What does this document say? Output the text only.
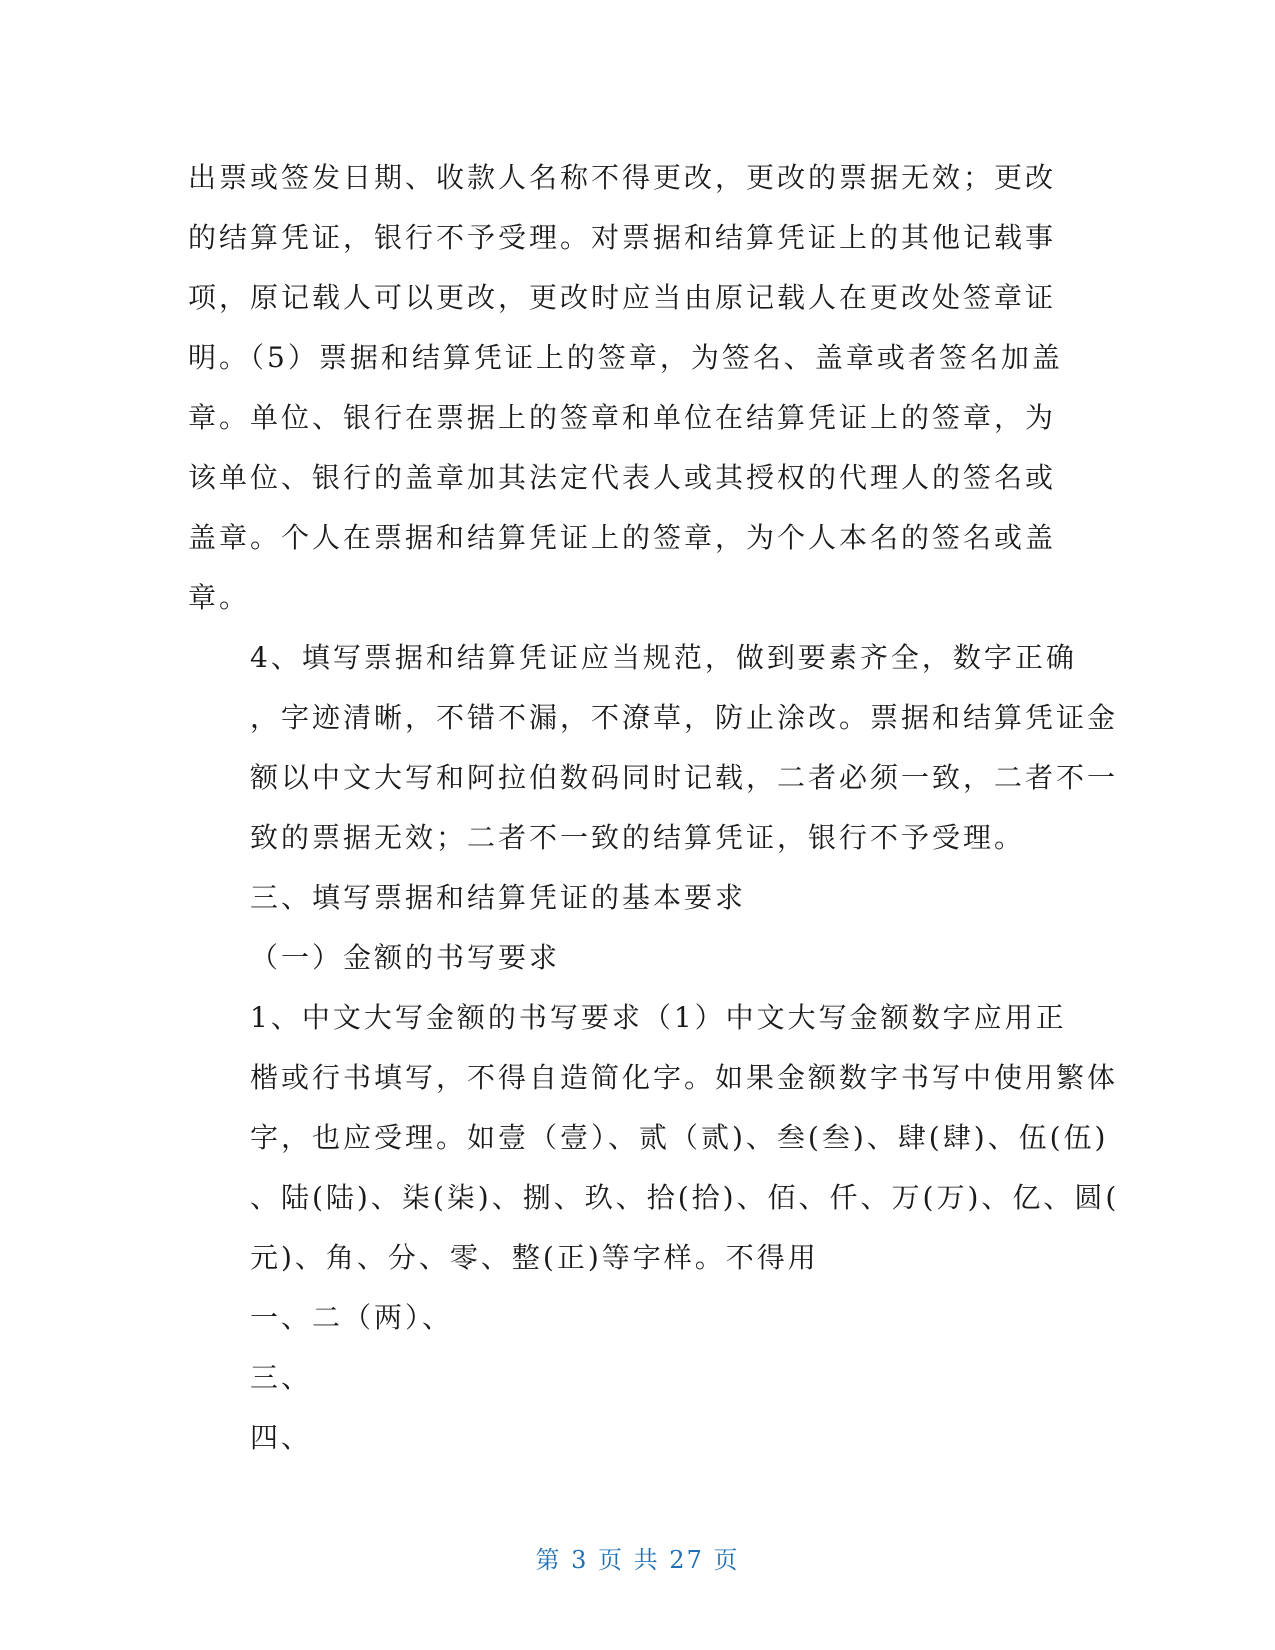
出票或签发日期、收款人名称不得更改，更改的票据无效；更改
的结算凭证，银行不予受理。对票据和结算凭证上的其他记载事
项，原记载人可以更改，更改时应当由原记载人在更改处签章证
明。（5）票据和结算凭证上的签章，为签名、盖章或者签名加盖
章。单位、银行在票据上的签章和单位在结算凭证上的签章，为
该单位、银行的盖章加其法定代表人或其授权的代理人的签名或
盖章。个人在票据和结算凭证上的签章，为个人本名的签名或盖
章。
4、填写票据和结算凭证应当规范，做到要素齐全，数字正确
，字迹清晰，不错不漏，不潦草，防止涂改。票据和结算凭证金
额以中文大写和阿拉伯数码同时记载，二者必须一致，二者不一
致的票据无效；二者不一致的结算凭证，银行不予受理。
三、填写票据和结算凭证的基本要求
（一）金额的书写要求
1、中文大写金额的书写要求（1）中文大写金额数字应用正
楷或行书填写，不得自造简化字。如果金额数字书写中使用繁体
字，也应受理。如壹（壹）、贰（贰)、叁(叁)、肆(肆)、伍(伍)
、陆(陆)、柒(柒)、捌、玖、拾(拾)、佰、仟、万(万)、亿、圆(
元)、角、分、零、整(正)等字样。不得用
一、二（两）、
三、
四、
第 3 页 共 27 页
